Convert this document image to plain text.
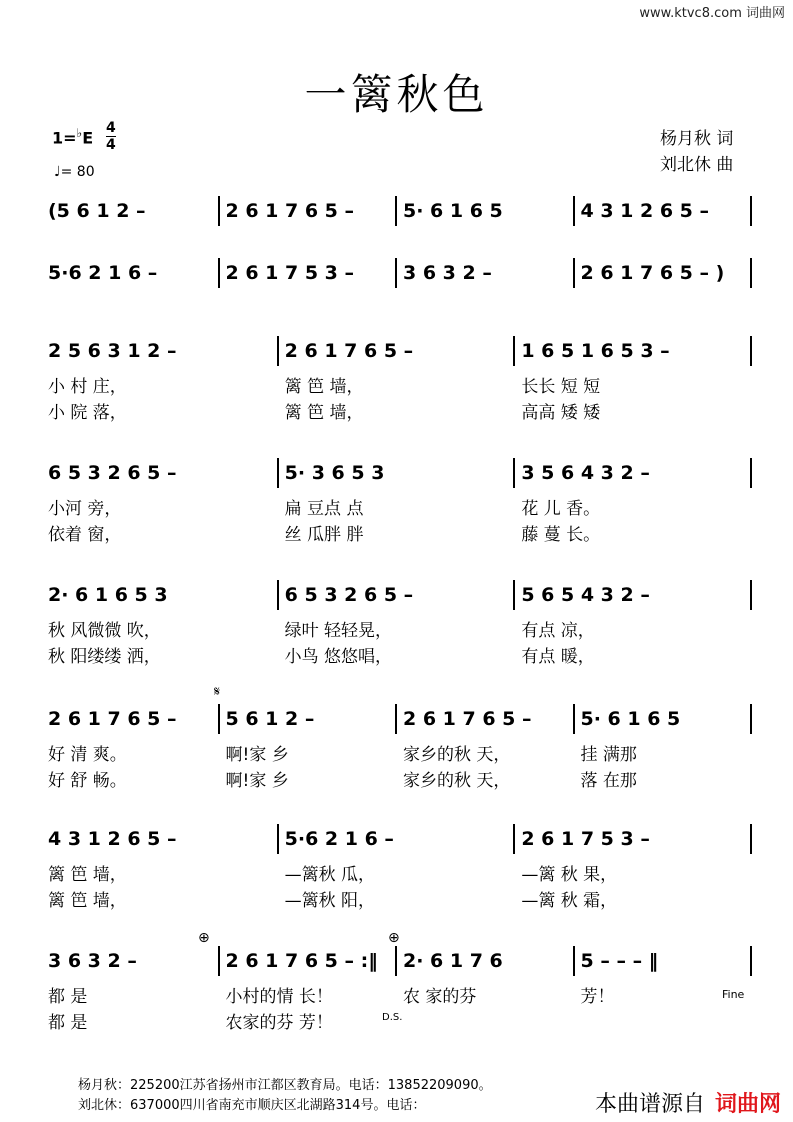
www.ktvc8.com 词曲网
一篱秋色
1=♭E
4
4
♩= 80
杨月秋 词
刘北休 曲
(5 6 1 2 –	2 6 1 7 6 5 –	5· 6 1 6 5	4 3 1 2 6 5 –
5·6 2 1 6 –	2 6 1 7 5 3 –	3 6 3 2 –	2 6 1 7 6 5 – )
2 5 6 3 1 2 –	2 6 1 7 6 5 –	1 6 5 1 6 5 3 –
小 村 庄，	篱 笆 墙，	长长 短 短
小 院 落，	篱 笆 墙，	高高 矮 矮
6 5 3 2 6 5 –	5· 3 6 5 3	3 5 6 4 3 2 –
小河 旁，	扁 豆点 点	花 儿 香。
依着 窗，	丝 瓜胖 胖	藤 蔓 长。
2· 6 1 6 5 3	6 5 3 2 6 5 –	5 6 5 4 3 2 –
秋 风微微 吹，	绿叶 轻轻晃，	有点 凉，
秋 阳缕缕 洒，	小鸟 悠悠唱，	有点 暖，
2 6 1 7 6 5 –	5 6 1 2 –	2 6 1 7 6 5 –	5· 6 1 6 5
好 清 爽。	啊!家 乡	家乡的秋 天，	挂 满那
好 舒 畅。	啊!家 乡	家乡的秋 天，	落 在那
4 3 1 2 6 5 –	5·6 2 1 6 –	2 6 1 7 5 3 –
篱 笆 墙，	—篱秋 瓜，	—篱 秋 果，
篱 笆 墙，	—篱秋 阳，	—篱 秋 霜，
3 6 3 2 –	2 6 1 7 6 5 – :‖ 2· 6 1 7 6	5 – – – ‖
都 是	小村的情 长！	农 家的芬	芳！
都 是	农家的芬 芳！
𝄋
⊕	⊕
Fine
D.S.
杨月秋：225200江苏省扬州市江都区教育局。电话：13852209090。
刘北休：637000四川省南充市顺庆区北湖路314号。电话：	本曲谱源自 词曲网
